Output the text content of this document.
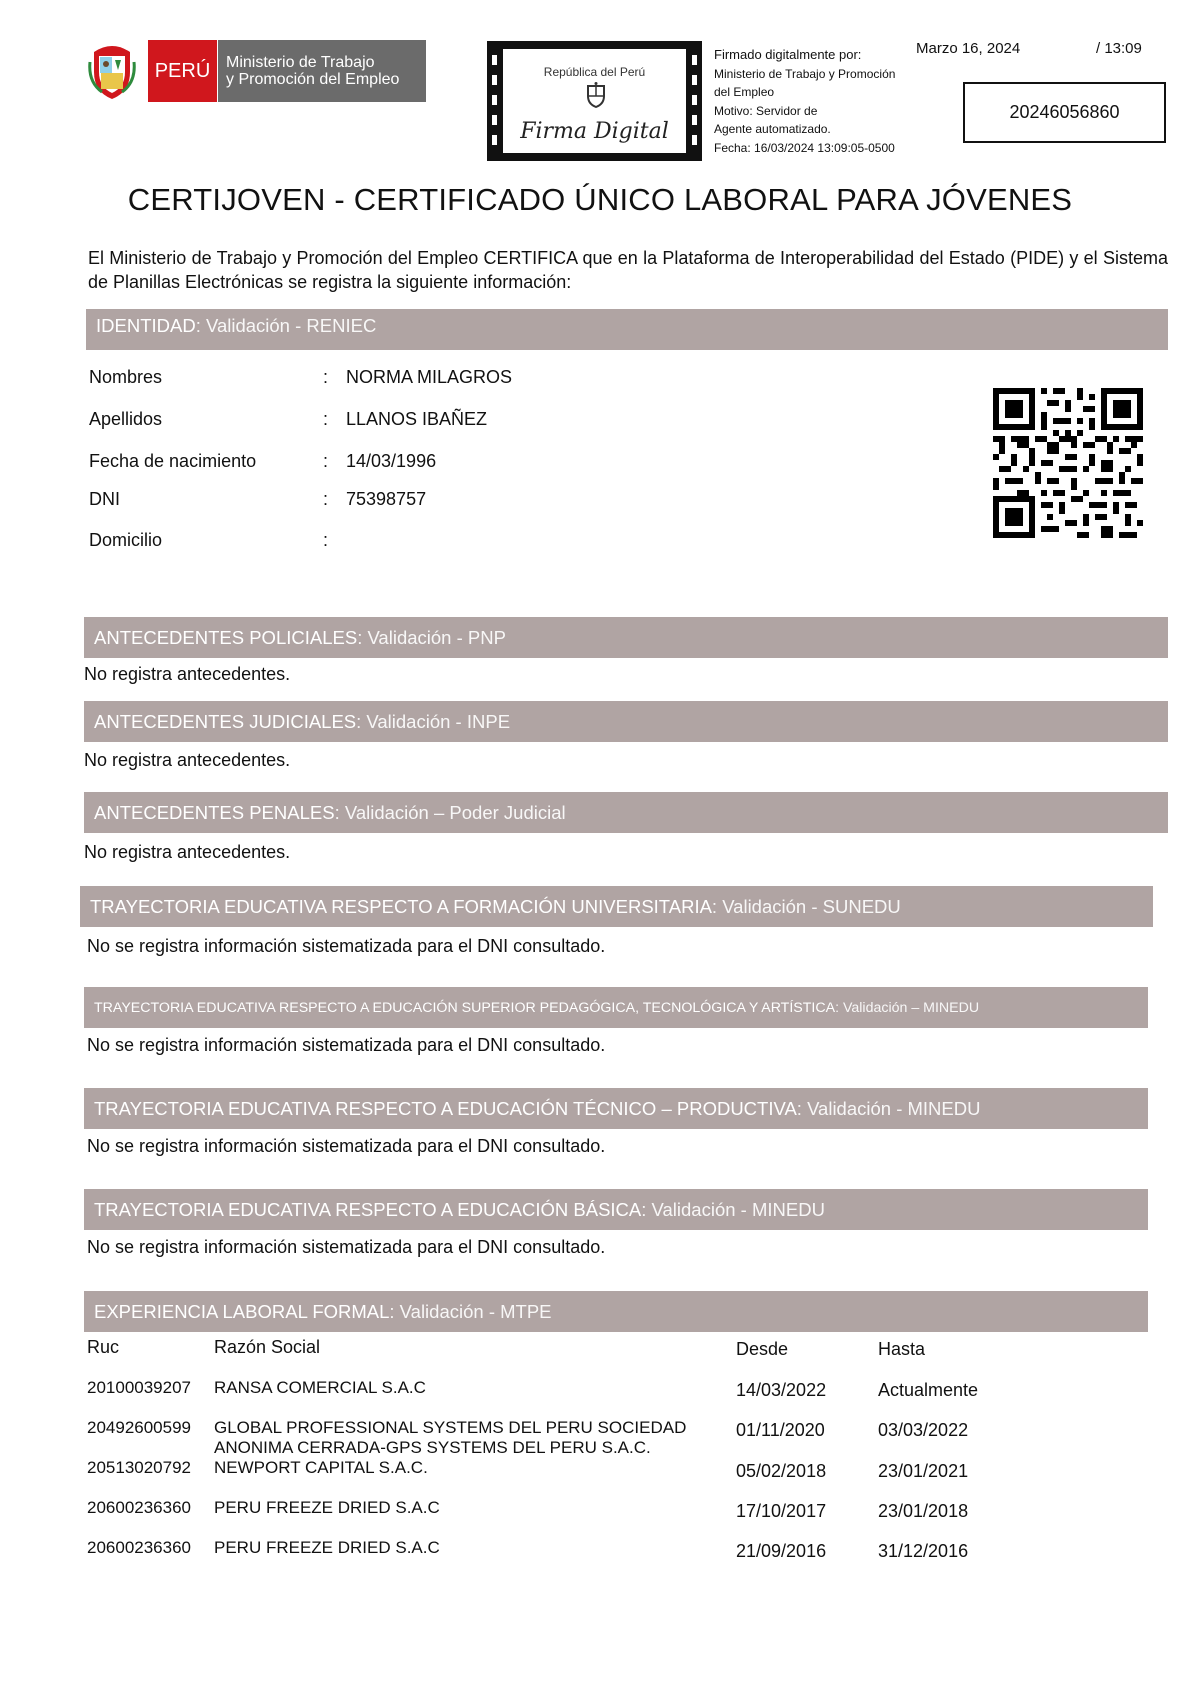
PERÚ Ministerio de Trabajo
y Promoción del Empleo	República del Perú
Firma Digital
Firmado digitalmente por:
Ministerio de Trabajo y Promoción
del Empleo
Motivo: Servidor de
Agente automatizado.
Fecha: 16/03/2024 13:09:05-0500
Marzo 16, 2024	/ 13:09
20246056860
CERTIJOVEN - CERTIFICADO ÚNICO LABORAL PARA JÓVENES
El Ministerio de Trabajo y Promoción del Empleo CERTIFICA que en la Plataforma de Interoperabilidad del Estado (PIDE) y el Sistema de Planillas Electrónicas se registra la siguiente información:
IDENTIDAD : Validación - RENIEC
Nombres	: NORMA MILAGROS
Apellidos	: LLANOS IBAÑEZ
Fecha de nacimiento	: 14/03/1996
DNI	: 75398757
Domicilio	:
ANTECEDENTES POLICIALES : Validación - PNP
No registra antecedentes.
ANTECEDENTES JUDICIALES : Validación - INPE
No registra antecedentes.
ANTECEDENTES PENALES : Validación – Poder Judicial
No registra antecedentes.
TRAYECTORIA EDUCATIVA RESPECTO A FORMACIÓN UNIVERSITARIA : Validación - SUNEDU
No se registra información sistematizada para el DNI consultado.
TRAYECTORIA EDUCATIVA RESPECTO A EDUCACIÓN SUPERIOR PEDAGÓGICA, TECNOLÓGICA Y ARTÍSTICA : Validación – MINEDU
No se registra información sistematizada para el DNI consultado.
TRAYECTORIA EDUCATIVA RESPECTO A EDUCACIÓN TÉCNICO – PRODUCTIVA : Validación - MINEDU
No se registra información sistematizada para el DNI consultado.
TRAYECTORIA EDUCATIVA RESPECTO A EDUCACIÓN BÁSICA : Validación - MINEDU
No se registra información sistematizada para el DNI consultado.
EXPERIENCIA LABORAL FORMAL : Validación - MTPE
Ruc	Razón Social	Desde	Hasta
20100039207 RANSA COMERCIAL S.A.C	14/03/2022	Actualmente
20492600599 GLOBAL PROFESSIONAL SYSTEMS DEL PERU SOCIEDAD
ANONIMA CERRADA-GPS SYSTEMS DEL PERU S.A.C.
01/11/2020	03/03/2022
20513020792 NEWPORT CAPITAL S.A.C.	05/02/2018	23/01/2021
20600236360 PERU FREEZE DRIED S.A.C	17/10/2017	23/01/2018
20600236360 PERU FREEZE DRIED S.A.C	21/09/2016	31/12/2016
